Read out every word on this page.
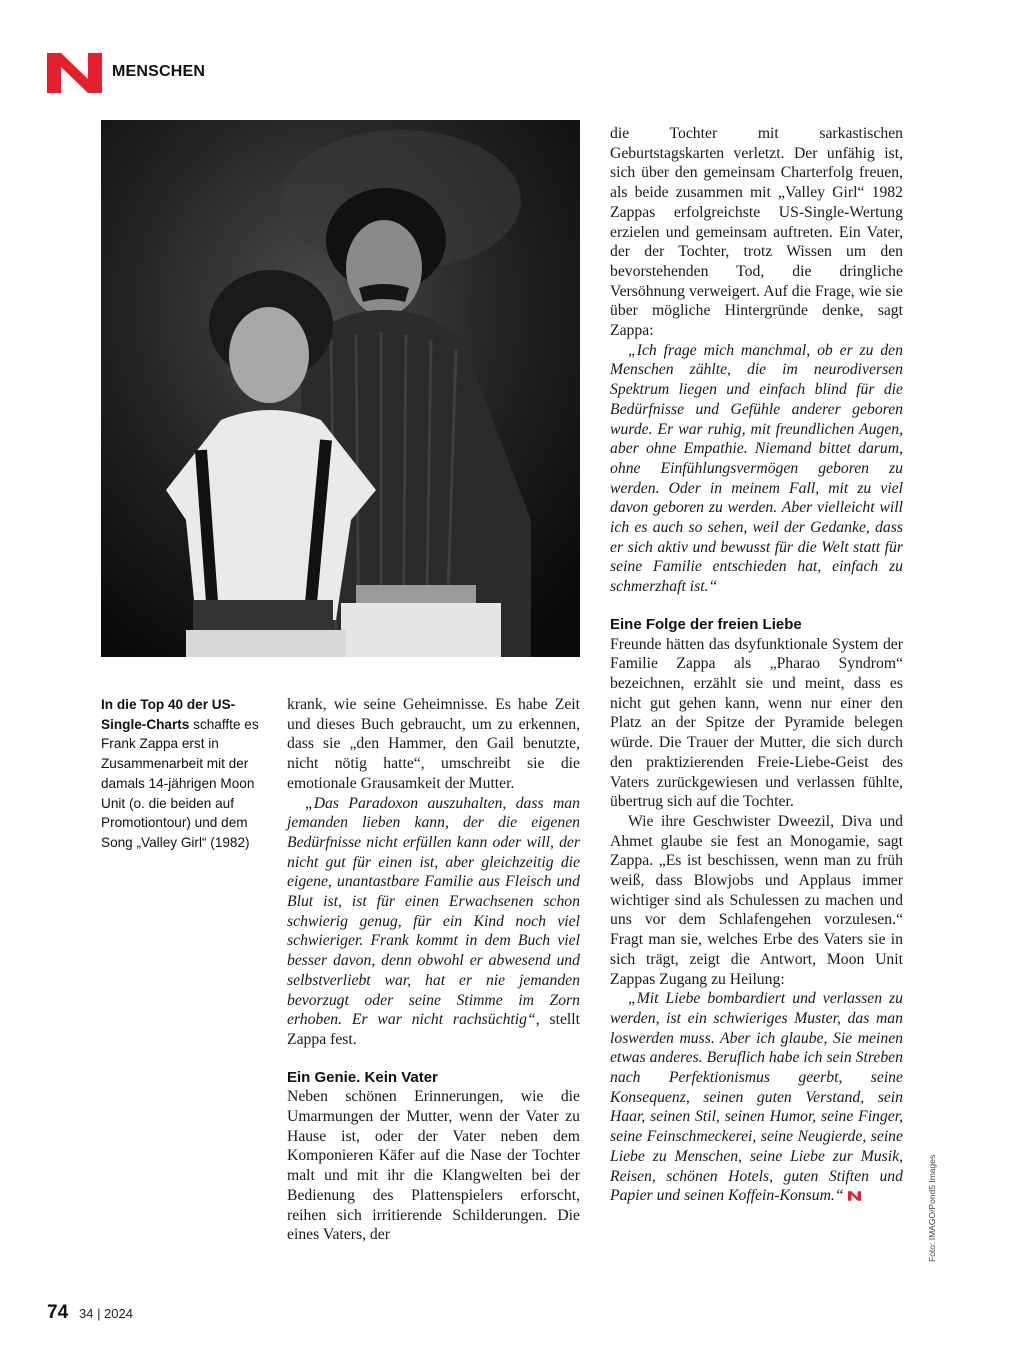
MENSCHEN
In die Top 40 der US-Single-Charts schaffte es Frank Zappa erst in Zusammenarbeit mit der damals 14-jährigen Moon Unit (o. die beiden auf Promotiontour) und dem Song „Valley Girl“ (1982)

krank, wie seine Geheimnisse. Es habe Zeit und dieses Buch gebraucht, um zu erkennen, dass sie „den Hammer, den Gail benutzte, nicht nötig hatte“, umschreibt sie die emotionale Grausamkeit der Mutter.

„Das Paradoxon auszuhalten, dass man jemanden lieben kann, der die eigenen Bedürfnisse nicht erfüllen kann oder will, der nicht gut für einen ist, aber gleichzeitig die eigene, unantastbare Familie aus Fleisch und Blut ist, ist für einen Erwachsenen schon schwierig genug, für ein Kind noch viel schwieriger. Frank kommt in dem Buch viel besser davon, denn obwohl er abwesend und selbstverliebt war, hat er nie jemanden bevorzugt oder seine Stimme im Zorn erhoben. Er war nicht rachsüchtig“, stellt Zappa fest.

Ein Genie. Kein Vater

Neben schönen Erinnerungen, wie die Umarmungen der Mutter, wenn der Vater zu Hause ist, oder der Vater neben dem Komponieren Käfer auf die Nase der Tochter malt und mit ihr die Klangwelten bei der Bedienung des Plattenspielers erforscht, reihen sich irritierende Schilderungen. Die eines Vaters, der

die Tochter mit sarkastischen Geburtstagskarten verletzt. Der unfähig ist, sich über den gemeinsam Charterfolg freuen, als beide zusammen mit „Valley Girl“ 1982 Zappas erfolgreichste US-Single-Wertung erzielen und gemeinsam auftreten. Ein Vater, der der Tochter, trotz Wissen um den bevorstehenden Tod, die dringliche Versöhnung verweigert. Auf die Frage, wie sie über mögliche Hintergründe denke, sagt Zappa:

„Ich frage mich manchmal, ob er zu den Menschen zählte, die im neurodiversen Spektrum liegen und einfach blind für die Bedürfnisse und Gefühle anderer geboren wurde. Er war ruhig, mit freundlichen Augen, aber ohne Empathie. Niemand bittet darum, ohne Einfühlungsvermögen geboren zu werden. Oder in meinem Fall, mit zu viel davon geboren zu werden. Aber vielleicht will ich es auch so sehen, weil der Gedanke, dass er sich aktiv und bewusst für die Welt statt für seine Familie entschieden hat, einfach zu schmerzhaft ist.“

Eine Folge der freien Liebe

Freunde hätten das dsyfunktionale System der Familie Zappa als „Pharao Syndrom“ bezeichnen, erzählt sie und meint, dass es nicht gut gehen kann, wenn nur einer den Platz an der Spitze der Pyramide belegen würde. Die Trauer der Mutter, die sich durch den praktizierenden Freie-Liebe-Geist des Vaters zurückgewiesen und verlassen fühlte, übertrug sich auf die Tochter.

Wie ihre Geschwister Dweezil, Diva und Ahmet glaube sie fest an Monogamie, sagt Zappa. „Es ist beschissen, wenn man zu früh weiß, dass Blowjobs und Applaus immer wichtiger sind als Schulessen zu machen und uns vor dem Schlafengehen vorzulesen.“ Fragt man sie, welches Erbe des Vaters sie in sich trägt, zeigt die Antwort, Moon Unit Zappas Zugang zu Heilung:

„Mit Liebe bombardiert und verlassen zu werden, ist ein schwieriges Muster, das man loswerden muss. Aber ich glaube, Sie meinen etwas anderes. Beruflich habe ich sein Streben nach Perfektionismus geerbt, seine Konsequenz, seinen guten Verstand, sein Haar, seinen Stil, seinen Humor, seine Finger, seine Feinschmeckerei, seine Neugierde, seine Liebe zu Menschen, seine Liebe zur Musik, Reisen, schönen Hotels, guten Stiften und Papier und seinen Koffein-Konsum.“	Foto: IMAGO/Pond5 Images
74 34 | 2024
